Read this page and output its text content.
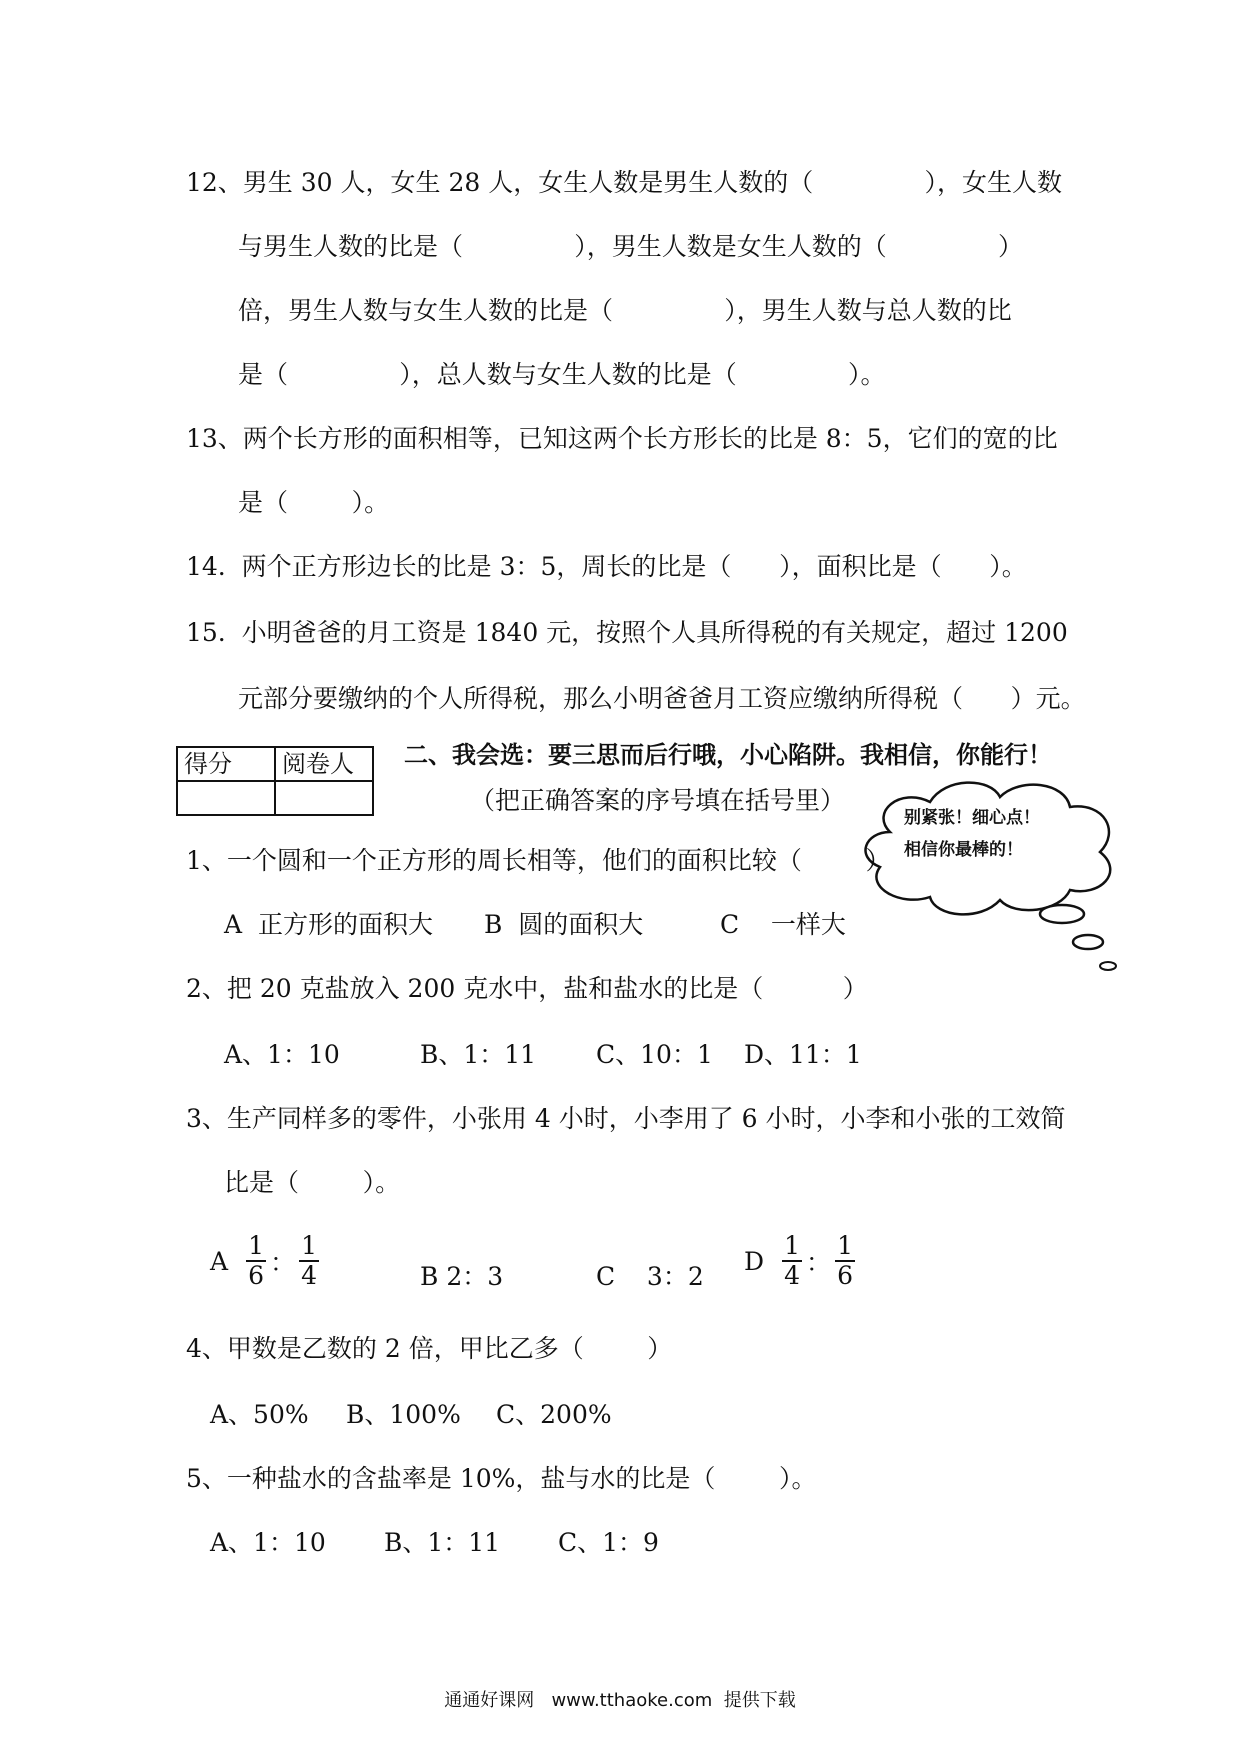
12、男生 30 人，女生 28 人，女生人数是男生人数的（              ），女生人数
与男生人数的比是（              ），男生人数是女生人数的（              ）
倍，男生人数与女生人数的比是（              ），男生人数与总人数的比
是（              ），总人数与女生人数的比是（              ）。
13、两个长方形的面积相等，已知这两个长方形长的比是 8：5，它们的宽的比
是（        ）。
14.  两个正方形边长的比是 3：5，周长的比是（      ），面积比是（      ）。
15.  小明爸爸的月工资是 1840 元，按照个人具所得税的有关规定，超过 1200
元部分要缴纳的个人所得税，那么小明爸爸月工资应缴纳所得税（      ）元。
得分	阅卷人
	二、我会选：要三思而后行哦，小心陷阱。我相信，你能行！
（把正确答案的序号填在括号里）
别紧张！细心点！
相信你最棒的！
1、一个圆和一个正方形的周长相等，他们的面积比较（        ）
A  正方形的面积大 B  圆的面积大	C    一样大
2、把 20 克盐放入 200 克水中，盐和盐水的比是（          ）
A、1：10	B、1：11 C、10：1 D、11：1
3、生产同样多的零件，小张用 4 小时，小李用了 6 小时，小李和小张的工效简
比是（        ）。
A
1
6 ：
1
4	B 2：3	C    3：2
D
1
4 ：
1
6
4、甲数是乙数的 2 倍，甲比乙多（        ）
A、50% B、100% C、200%
5、一种盐水的含盐率是 10%，盐与水的比是（        ）。
A、1：10 B、1：11 C、1：9
通通好课网   www.tthaoke.com  提供下载
